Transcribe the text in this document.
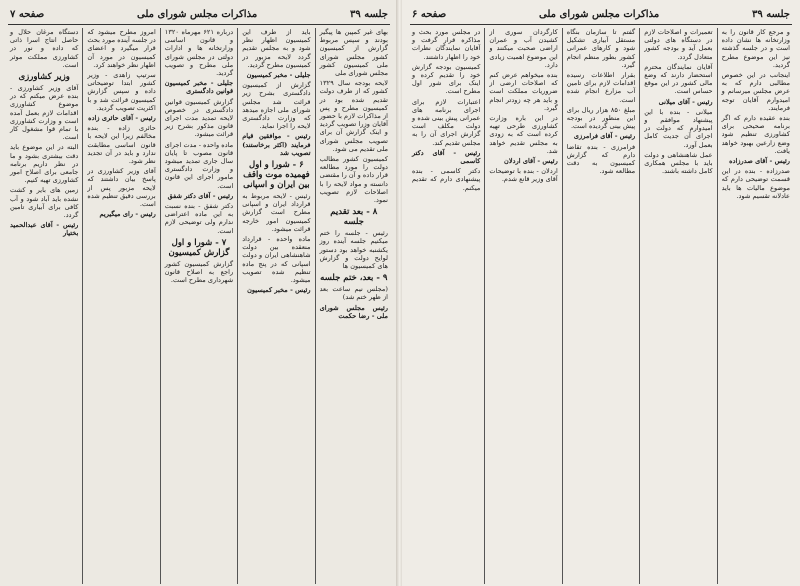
جلسه ۳۹
مذاکرات مجلس شورای ملی
صفحه ۷

بهای غیر کمپین ها پیگیر بودند و سپس مربوط گزارش از کمیسیون کشور مجلس شورای ملی کمیسیون کشور مجلس شورای ملی

لایحه بودجه سال ۱۳۲۹ کشور که از طرف دولت تقدیم شده بود در کمیسیون مطرح و پس از مذاکرات لازم با حضور آقایان وزرا تصویب گردید و اینک گزارش آن برای تصویب مجلس شورای ملی تقدیم می شود.

کمیسیون کشور مطالب دولت را مورد مطالعه قرار داده و آن را مقتضی دانسته و مواد لایحه را با اصلاحات لازم تصویب نمود.

۸ - بعد تقدیم جلسه

رئیس - جلسه را ختم میکنیم جلسه آینده روز یکشنبه خواهد بود دستور لوایح دولت و گزارش های کمیسیون ها

۹ - بعد، ختم جلسه

(مجلس نیم ساعت بعد از ظهر ختم شد)

رئیس مجلس شورای ملی - رضا حکمت

باید از طرف این کمیسیون اظهار نظر شود و به مجلس تقدیم گردد لایحه مزبور در کمیسیون مطرح گردید.

جلیلی - مخبر کمیسیون

گزارش از کمیسیون دادگستری بشرح زیر قرائت شد مجلس شورای ملی اجازه میدهد که وزارت دادگستری لایحه را اجرا نماید.

رئیس - موافقین قیام فرمایند (اکثر برخاستند) تصویب شد

۶ - شورا و اول فهمیده موت واقف بین ایران و اسپانی

رئیس - لایحه مربوط به قرارداد ایران و اسپانی مطرح است گزارش کمیسیون امور خارجه قرائت میشود.

ماده واحده - قرارداد منعقده بین دولت شاهنشاهی ایران و دولت اسپانی که در پنج ماده تنظیم شده تصویب میشود.

رئیس - مخبر کمیسیون

درباره ۶۲۱ مهرماه ۱۳۲۰ و قانون اساسی وزارتخانه ها و ادارات دولتی در مجلس شورای ملی مطرح و تصویب گردید.

جلیلی - مخبر کمیسیون قوانین دادگستری

گزارش کمیسیون قوانین دادگستری در خصوص لایحه تمدید مدت اجرای قانون مذکور بشرح زیر قرائت میشود.

ماده واحده - مدت اجرای قانون مصوب تا پایان سال جاری تمدید میشود و وزارت دادگستری مامور اجرای این قانون است.

رئیس - آقای دکتر شفق

دکتر شفق - بنده نسبت به این ماده اعتراضی ندارم ولی توضیحی لازم است.

۷ - شورا و اول گزارش کمیسیون

گزارش کمیسیون کشور راجع به اصلاح قانون شهرداری مطرح است.

امروز مطرح میشود که در جلسه آینده مورد بحث قرار میگیرد و اعضای کمیسیون در مورد آن اظهار نظر خواهند کرد.

سرتیپ زاهدی - وزیر کشور ابتدا توضیحاتی داده و سپس گزارش کمیسیون قرائت شد و با اکثریت تصویب گردید.

رئیس - آقای حائری زاده

حائری زاده - بنده مخالفم زیرا این لایحه با قانون اساسی مطابقت ندارد و باید در آن تجدید نظر شود.

آقای وزیر کشاورزی در پاسخ بیان داشتند که لایحه مزبور پس از بررسی دقیق تنظیم شده است.

رئیس - رای میگیریم

دستگاه مرغان حلال و حاصل انتاج اسرا ذاتی که داده و نور در کشاورزی مملکت موثر است.

وزیر کشاورزی

آقای وزیر کشاورزی - بنده عرض میکنم که در موضوع کشاورزی اقدامات لازم بعمل آمده است و وزارت کشاورزی با تمام قوا مشغول کار است.

البته در این موضوع باید دقت بیشتری بشود و ما در نظر داریم برنامه جامعی برای اصلاح امور کشاورزی تهیه کنیم.

زمین های بایر و کشت نشده باید آباد شود و آب کافی برای آبیاری تامین گردد.

رئیس - آقای عبدالحمید بختیار

جلسه ۳۹
مذاکرات مجلس شورای ملی
صفحه ۶

و مرجع کار قانون را به وزارتخانه ها نشان داده است و در جلسه گذشته نیز این موضوع مطرح گردید.

اینجانب در این خصوص مطالبی دارم که به عرض مجلس میرسانم و امیدوارم آقایان توجه فرمایند.

بنده عقیده دارم که اگر برنامه صحیحی برای کشاورزی تنظیم شود وضع زارعین بهبود خواهد یافت.

رئیس - آقای صدرزاده

صدرزاده - بنده در این قسمت توضیحی دارم که موضوع مالیات ها باید عادلانه تقسیم شود.

تعمیرات و اصلاحات لازم در دستگاه های دولتی بعمل آید و بودجه کشور متعادل گردد.

آقایان نمایندگان محترم استحضار دارند که وضع مالی کشور در این موقع حساس است.

رئیس - آقای میلانی

میلانی - بنده با این پیشنهاد موافقم و امیدوارم که دولت در اجرای آن جدیت کامل بعمل آورد.

عمل شاهنشاهی و دولت باید با مجلس همکاری کامل داشته باشند.

گفتم تا سازمان بنگاه مستقل آبیاری تشکیل شود و کارهای عمرانی کشور بطور منظم انجام گیرد.

بقرار اطلاعات رسیده اقدامات لازم برای تامین آب مزارع انجام شده است.

مبلغ ۸۵۰ هزار ریال برای این منظور در بودجه پیش بینی گردیده است.

رئیس - آقای فرامرزی

فرامرزی - بنده تقاضا دارم که گزارش کمیسیون به دقت مطالعه شود.

کارگردان سوری از کشیدن آب و عمران اراضی صحبت میکنند و این موضوع اهمیت زیادی دارد.

بنده میخواهم عرض کنم که اصلاحات ارضی از ضروریات مملکت است و باید هر چه زودتر انجام گیرد.

در این باره وزارت کشاورزی طرحی تهیه کرده است که به زودی به مجلس تقدیم خواهد شد.

رئیس - آقای اردلان

اردلان - بنده با توضیحات آقای وزیر قانع شدم.

در مجلس مورد بحث و مذاکره قرار گرفت و آقایان نمایندگان نظرات خود را اظهار داشتند.

کمیسیون بودجه گزارش خود را تقدیم کرده و اینک برای شور اول مطرح است.

اعتبارات لازم برای اجرای برنامه های عمرانی پیش بینی شده و دولت مکلف است گزارش اجرای آن را به مجلس تقدیم کند.

رئیس - آقای دکتر کاسمی

دکتر کاسمی - بنده پیشنهادی دارم که تقدیم میکنم.
